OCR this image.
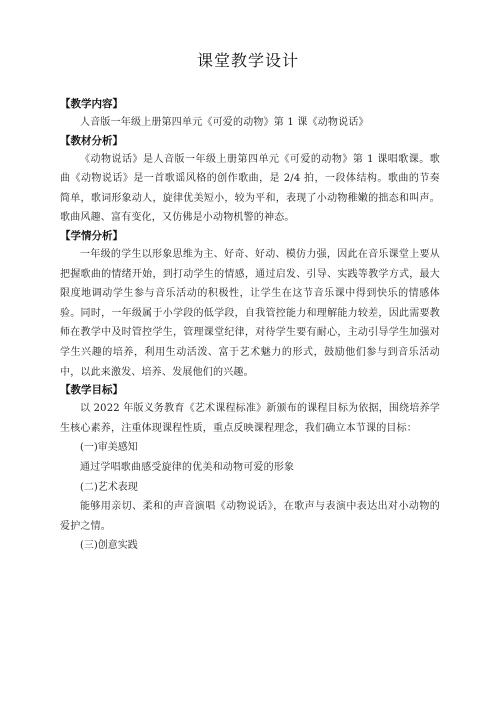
课堂教学设计

【教学内容】

人音版一年级上册第四单元《可爱的动物》第 1 课《动物说话》

【教材分析】

《动物说话》是人音版一年级上册第四单元《可爱的动物》第 1 课唱歌课。歌曲《动物说话》是一首歌谣风格的创作歌曲，是 2/4 拍，一段体结构。歌曲的节奏简单，歌词形象动人，旋律优美短小，较为平和，表现了小动物稚嫩的拙态和叫声。歌曲风趣、富有变化，又仿佛是小动物机警的神态。

【学情分析】

一年级的学生以形象思维为主、好奇、好动、模仿力强，因此在音乐课堂上要从把握歌曲的情绪开始，到打动学生的情感，通过启发、引导、实践等教学方式，最大限度地调动学生参与音乐活动的积极性，让学生在这节音乐课中得到快乐的情感体验。同时，一年级属于小学段的低学段，自我管控能力和理解能力较差，因此需要教师在教学中及时管控学生，管理课堂纪律，对待学生要有耐心，主动引导学生加强对学生兴趣的培养，利用生动活泼、富于艺术魅力的形式，鼓励他们参与到音乐活动中，以此来激发、培养、发展他们的兴趣。

【教学目标】

以 2022 年版义务教育《艺术课程标准》新颁布的课程目标为依据，围绕培养学生核心素养，注重体现课程性质，重点反映课程理念，我们确立本节课的目标：

(一)审美感知

通过学唱歌曲感受旋律的优美和动物可爱的形象

(二)艺术表现

能够用亲切、柔和的声音演唱《动物说话》，在歌声与表演中表达出对小动物的爱护之情。

(三)创意实践
